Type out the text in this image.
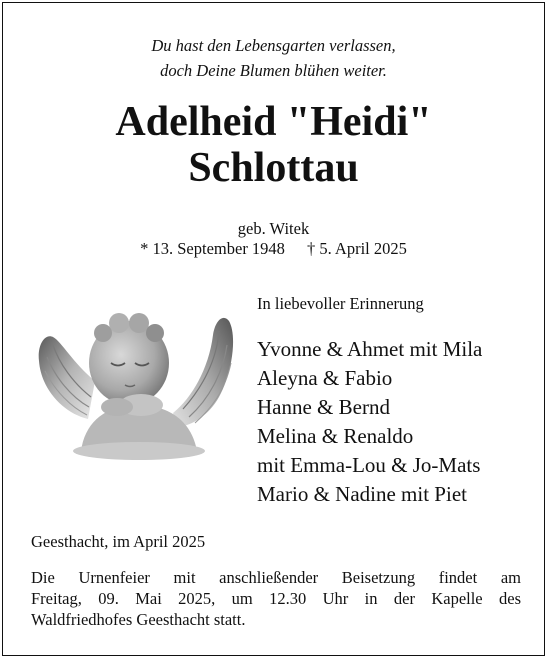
Du hast den Lebensgarten verlassen,
doch Deine Blumen blühen weiter.
Adelheid "Heidi"
Schlottau
geb. Witek
* 13. September 1948 † 5. April 2025
In liebevoller Erinnerung
Yvonne & Ahmet mit Mila
Aleyna & Fabio
Hanne & Bernd
Melina & Renaldo
mit Emma-Lou & Jo-Mats
Mario & Nadine mit Piet
Geesthacht, im April 2025
Die Urnenfeier mit anschließender Beisetzung findet am
Freitag, 09. Mai 2025, um 12.30 Uhr in der Kapelle des
Waldfriedhofes Geesthacht statt.
